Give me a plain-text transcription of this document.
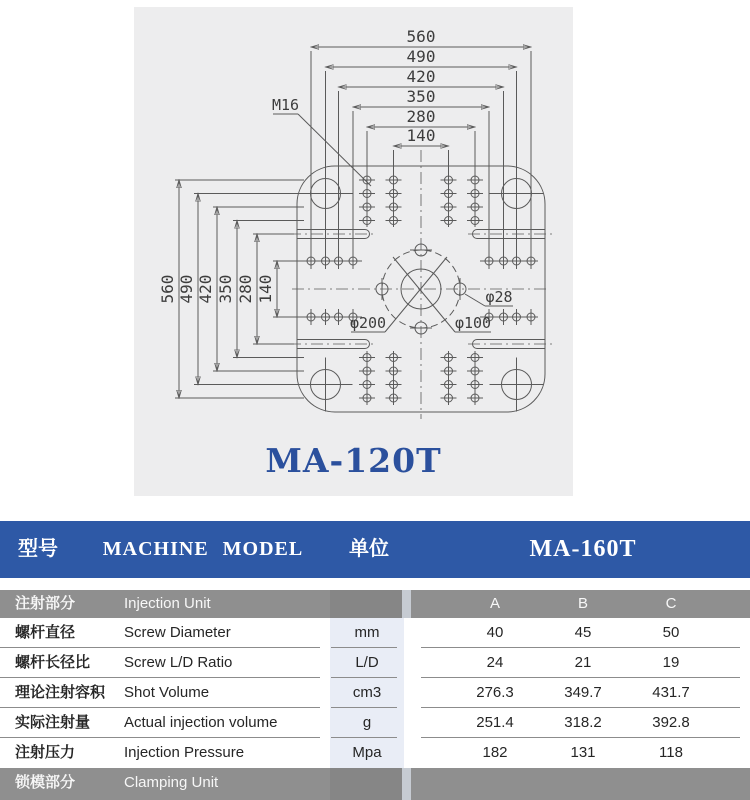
560
490
420
350
280
140
560 490 420 350 280 140
M16
φ200	φ100
φ28
MA-120T
型号 MACHINE MODEL 单位	MA-160T
注射部分	Injection Unit	A	B	C
螺杆直径	Screw Diameter	mm	40	45	50
螺杆长径比 Screw L/D Ratio	L/D	24	21	19
理论注射容积 Shot Volume	cm3	276.3	349.7	431.7
实际注射量 Actual injection volume	g	251.4	318.2	392.8
注射压力	Injection Pressure	Mpa	182	131	118
锁模部分	Clamping Unit
